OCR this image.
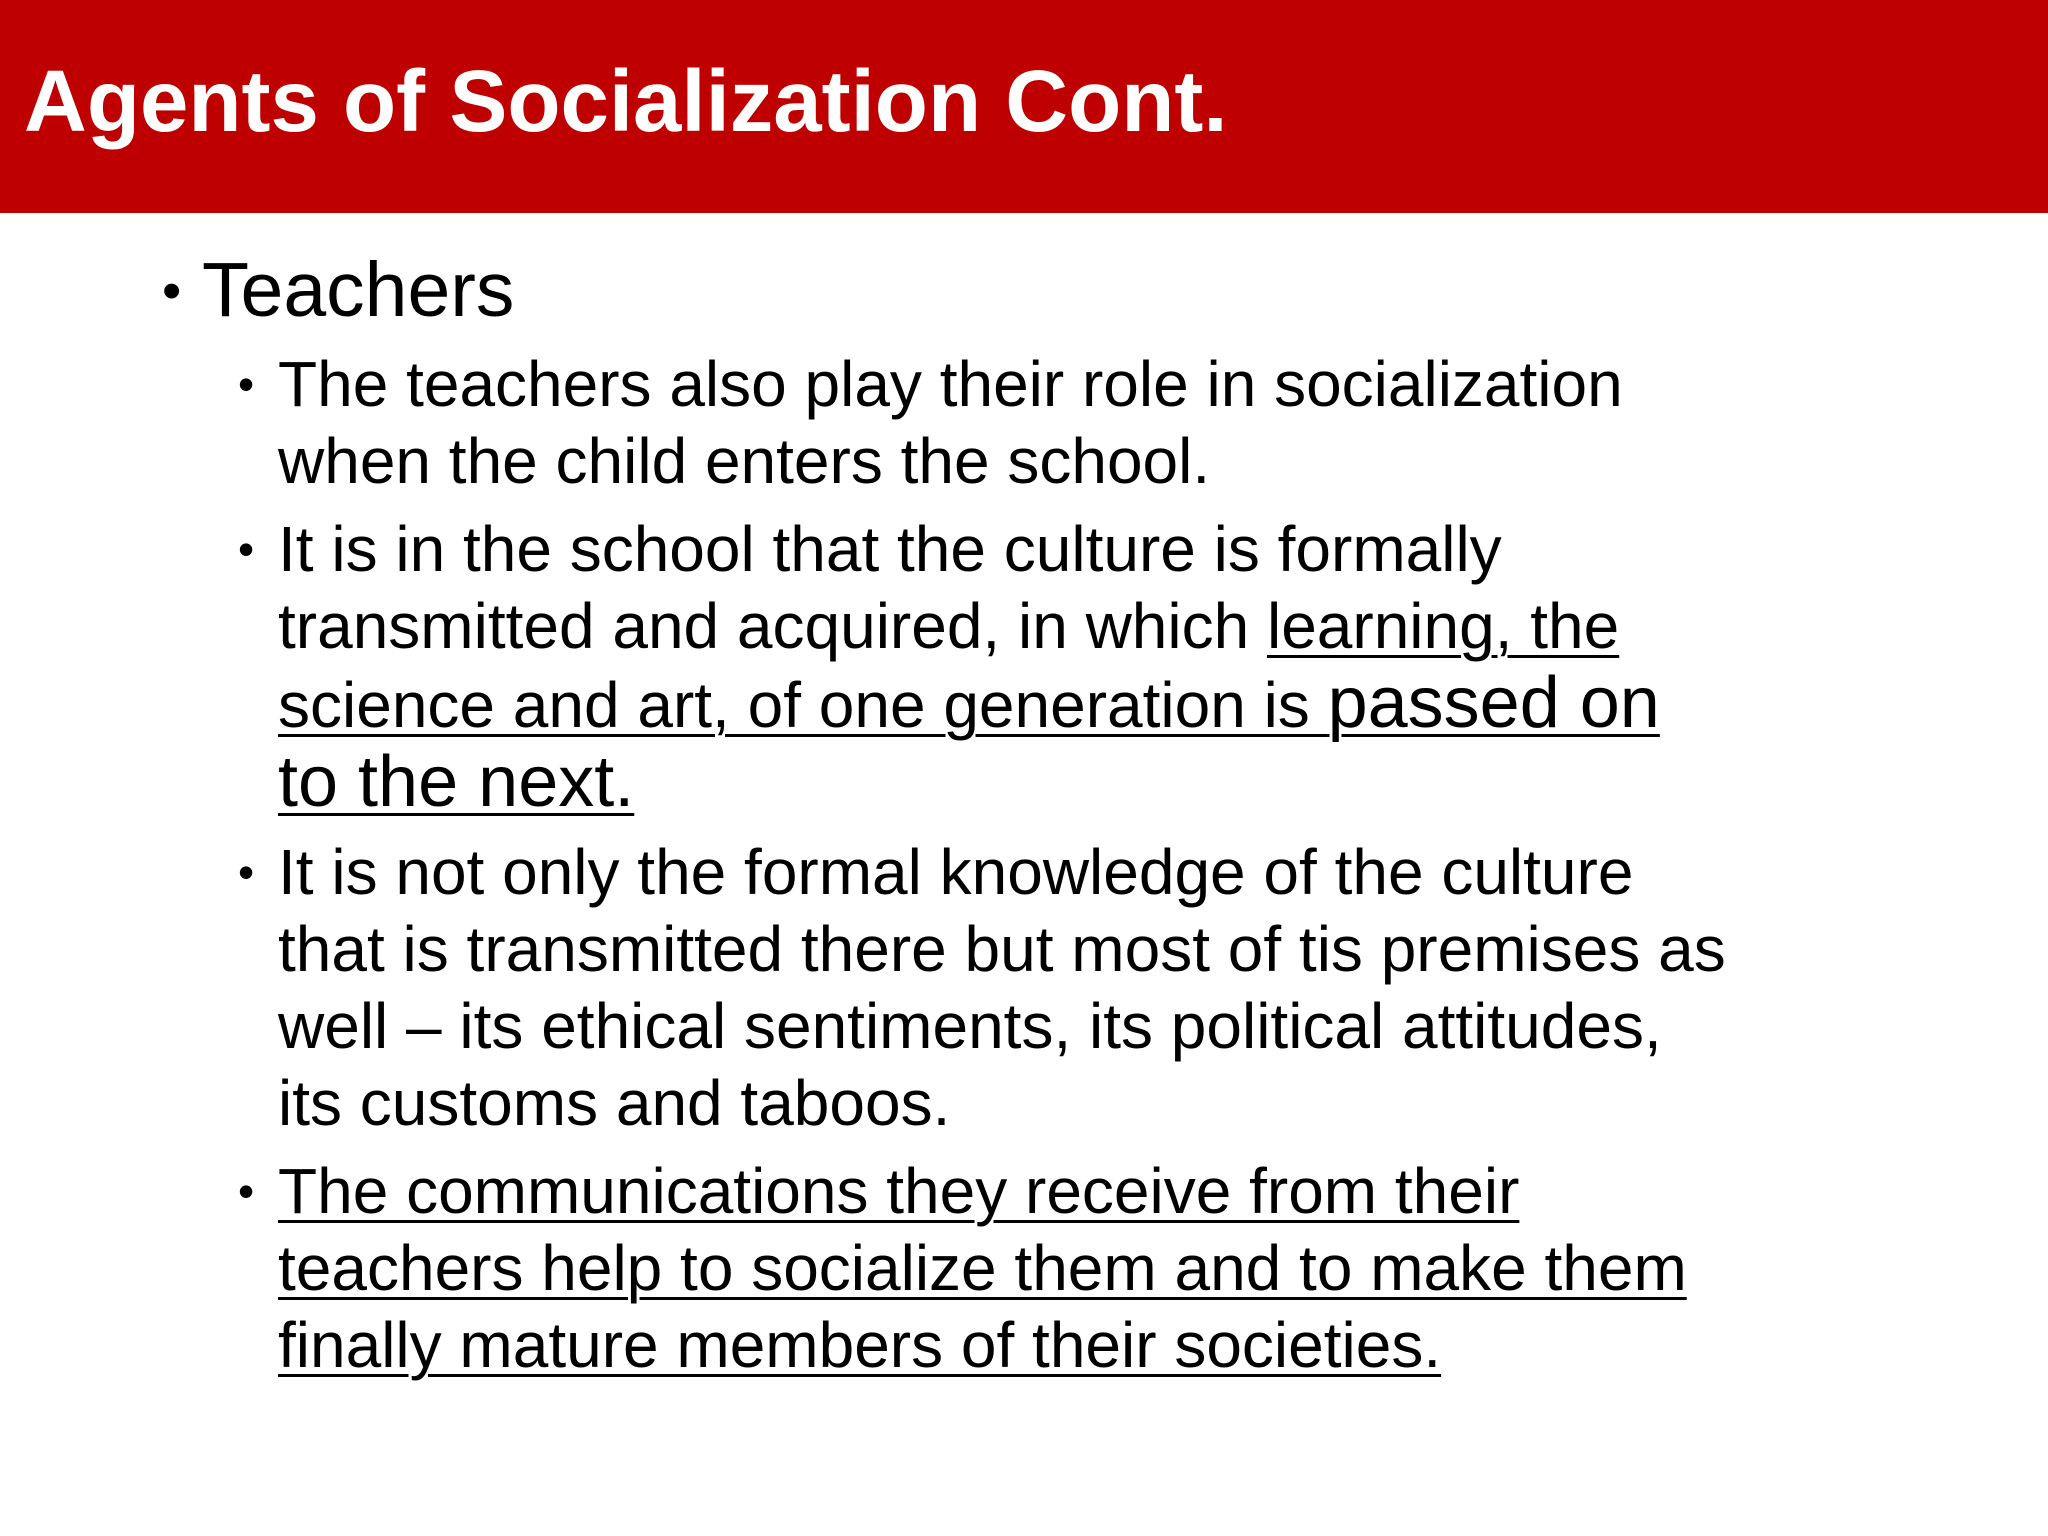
Agents of Socialization Cont.
• Teachers
• The teachers also play their role in socialization
when the child enters the school.
• It is in the school that the culture is formally
transmitted and acquired, in which learning, the
science and art, of one generation is passed on
to the next.
• It is not only the formal knowledge of the culture
that is transmitted there but most of tis premises as
well – its ethical sentiments, its political attitudes,
its customs and taboos.
• The communications they receive from their
teachers help to socialize them and to make them
finally mature members of their societies.
